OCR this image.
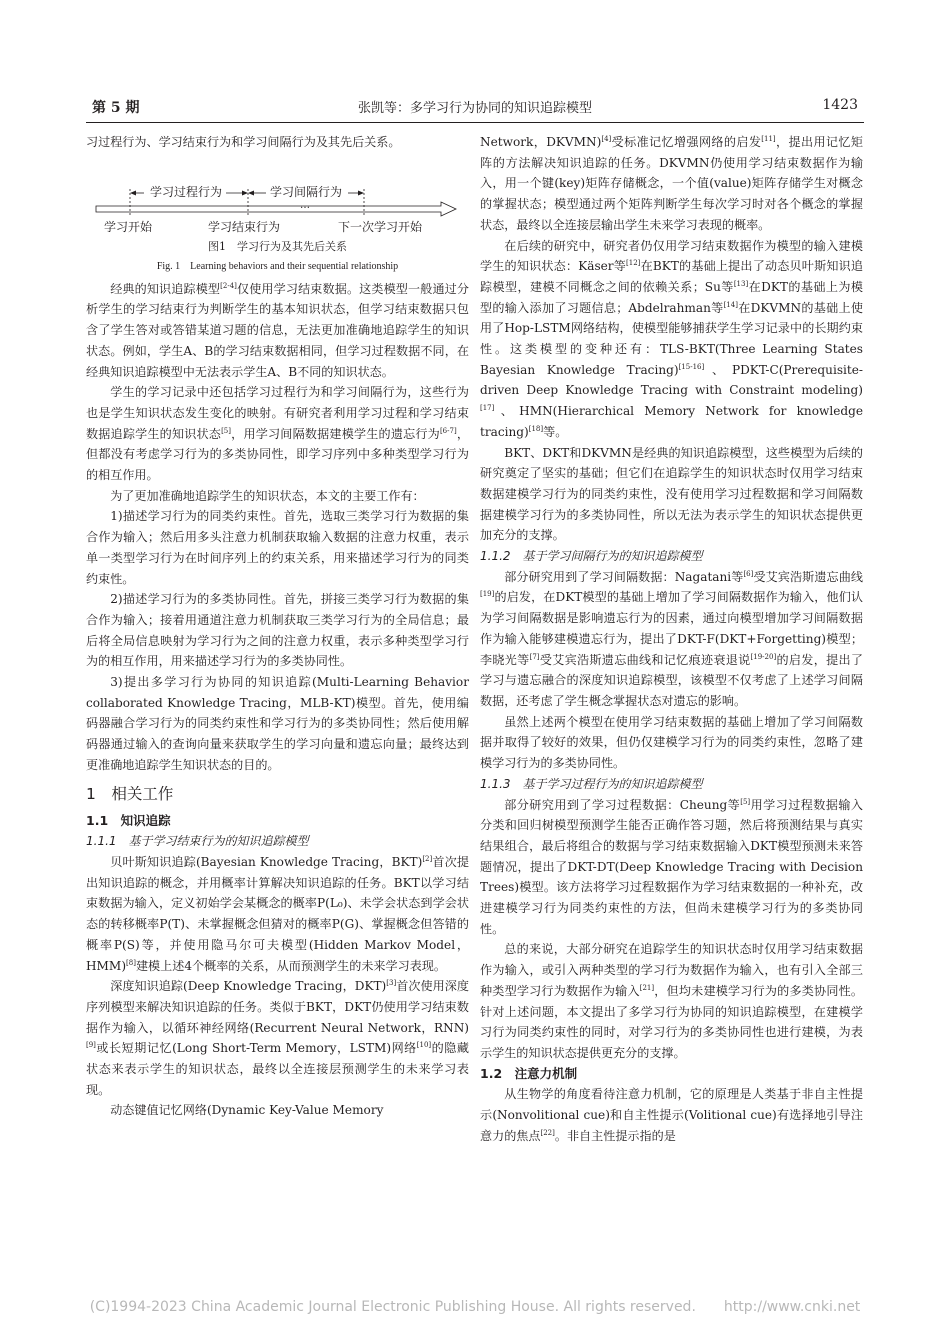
第 5 期	张凯等：多学习行为协同的知识追踪模型	1423

习过程行为、学习结束行为和学习间隔行为及其先后关系。

学习过程行为	学习间隔行为
…
学习开始	学习结束行为	下一次学习开始
图1　学习行为及其先后关系
Fig. 1　Learning behaviors and their sequential relationship

经典的知识追踪模型[2-4]仅使用学习结束数据。这类模型一般通过分析学生的学习结束行为判断学生的基本知识状态，但学习结束数据只包含了学生答对或答错某道习题的信息，无法更加准确地追踪学生的知识状态。例如，学生A、B的学习结束数据相同，但学习过程数据不同，在经典知识追踪模型中无法表示学生A、B不同的知识状态。

学生的学习记录中还包括学习过程行为和学习间隔行为，这些行为也是学生知识状态发生变化的映射。有研究者利用学习过程和学习结束数据追踪学生的知识状态[5]，用学习间隔数据建模学生的遗忘行为[6-7]，但都没有考虑学习行为的多类协同性，即学习序列中多种类型学习行为的相互作用。

为了更加准确地追踪学生的知识状态，本文的主要工作有：

1)描述学习行为的同类约束性。首先，选取三类学习行为数据的集合作为输入；然后用多头注意力机制获取输入数据的注意力权重，表示单一类型学习行为在时间序列上的约束关系，用来描述学习行为的同类约束性。

2)描述学习行为的多类协同性。首先，拼接三类学习行为数据的集合作为输入；接着用通道注意力机制获取三类学习行为的全局信息；最后将全局信息映射为学习行为之间的注意力权重，表示多种类型学习行为的相互作用，用来描述学习行为的多类协同性。

3)提出多学习行为协同的知识追踪(Multi-Learning Behavior collaborated Knowledge Tracing，MLB-KT)模型。首先，使用编码器融合学习行为的同类约束性和学习行为的多类协同性；然后使用解码器通过输入的查询向量来获取学生的学习向量和遗忘向量；最终达到更准确地追踪学生知识状态的目的。

1　相关工作
1.1　知识追踪
1.1.1　基于学习结束行为的知识追踪模型

贝叶斯知识追踪(Bayesian Knowledge Tracing，BKT)[2]首次提出知识追踪的概念，并用概率计算解决知识追踪的任务。BKT以学习结束数据为输入，定义初始学会某概念的概率P(L₀)、未学会状态到学会状态的转移概率P(T)、未掌握概念但猜对的概率P(G)、掌握概念但答错的概率P(S)等，并使用隐马尔可夫模型(Hidden Markov Model，HMM)[8]建模上述4个概率的关系，从而预测学生的未来学习表现。

深度知识追踪(Deep Knowledge Tracing，DKT)[3]首次使用深度序列模型来解决知识追踪的任务。类似于BKT，DKT仍使用学习结束数据作为输入，以循环神经网络(Recurrent Neural Network，RNN)[9]或长短期记忆(Long Short-Term Memory，LSTM)网络[10]的隐藏状态来表示学生的知识状态，最终以全连接层预测学生的未来学习表现。

动态键值记忆网络(Dynamic Key-Value Memory

Network，DKVMN)[4]受标准记忆增强网络的启发[11]，提出用记忆矩阵的方法解决知识追踪的任务。DKVMN仍使用学习结束数据作为输入，用一个键(key)矩阵存储概念，一个值(value)矩阵存储学生对概念的掌握状态；模型通过两个矩阵判断学生每次学习时对各个概念的掌握状态，最终以全连接层输出学生未来学习表现的概率。

在后续的研究中，研究者仍仅用学习结束数据作为模型的输入建模学生的知识状态：Käser等[12]在BKT的基础上提出了动态贝叶斯知识追踪模型，建模不同概念之间的依赖关系；Su等[13]在DKT的基础上为模型的输入添加了习题信息；Abdelrahman等[14]在DKVMN的基础上使用了Hop-LSTM网络结构，使模型能够捕获学生学习记录中的长期约束性。这类模型的变种还有：TLS-BKT(Three Learning States Bayesian Knowledge Tracing)[15-16]、PDKT-C(Prerequisite-driven Deep Knowledge Tracing with Constraint modeling)[17]、HMN(Hierarchical Memory Network for knowledge tracing)[18]等。

BKT、DKT和DKVMN是经典的知识追踪模型，这些模型为后续的研究奠定了坚实的基础；但它们在追踪学生的知识状态时仅用学习结束数据建模学习行为的同类约束性，没有使用学习过程数据和学习间隔数据建模学习行为的多类协同性，所以无法为表示学生的知识状态提供更加充分的支撑。

1.1.2　基于学习间隔行为的知识追踪模型

部分研究用到了学习间隔数据：Nagatani等[6]受艾宾浩斯遗忘曲线[19]的启发，在DKT模型的基础上增加了学习间隔数据作为输入，他们认为学习间隔数据是影响遗忘行为的因素，通过向模型增加学习间隔数据作为输入能够建模遗忘行为，提出了DKT-F(DKT+Forgetting)模型；李晓光等[7]受艾宾浩斯遗忘曲线和记忆痕迹衰退说[19-20]的启发，提出了学习与遗忘融合的深度知识追踪模型，该模型不仅考虑了上述学习间隔数据，还考虑了学生概念掌握状态对遗忘的影响。

虽然上述两个模型在使用学习结束数据的基础上增加了学习间隔数据并取得了较好的效果，但仍仅建模学习行为的同类约束性，忽略了建模学习行为的多类协同性。

1.1.3　基于学习过程行为的知识追踪模型

部分研究用到了学习过程数据：Cheung等[5]用学习过程数据输入分类和回归树模型预测学生能否正确作答习题，然后将预测结果与真实结果组合，最后将组合的数据与学习结束数据输入DKT模型预测未来答题情况，提出了DKT-DT(Deep Knowledge Tracing with Decision Trees)模型。该方法将学习过程数据作为学习结束数据的一种补充，改进建模学习行为同类约束性的方法，但尚未建模学习行为的多类协同性。

总的来说，大部分研究在追踪学生的知识状态时仅用学习结束数据作为输入，或引入两种类型的学习行为数据作为输入，也有引入全部三种类型学习行为数据作为输入[21]，但均未建模学习行为的多类协同性。针对上述问题，本文提出了多学习行为协同的知识追踪模型，在建模学习行为同类约束性的同时，对学习行为的多类协同性也进行建模，为表示学生的知识状态提供更充分的支撑。

1.2　注意力机制

从生物学的角度看待注意力机制，它的原理是人类基于非自主性提示(Nonvolitional cue)和自主性提示(Volitional cue)有选择地引导注意力的焦点[22]。非自主性提示指的是

(C)1994-2023 China Academic Journal Electronic Publishing House. All rights reserved.　　http://www.cnki.net
